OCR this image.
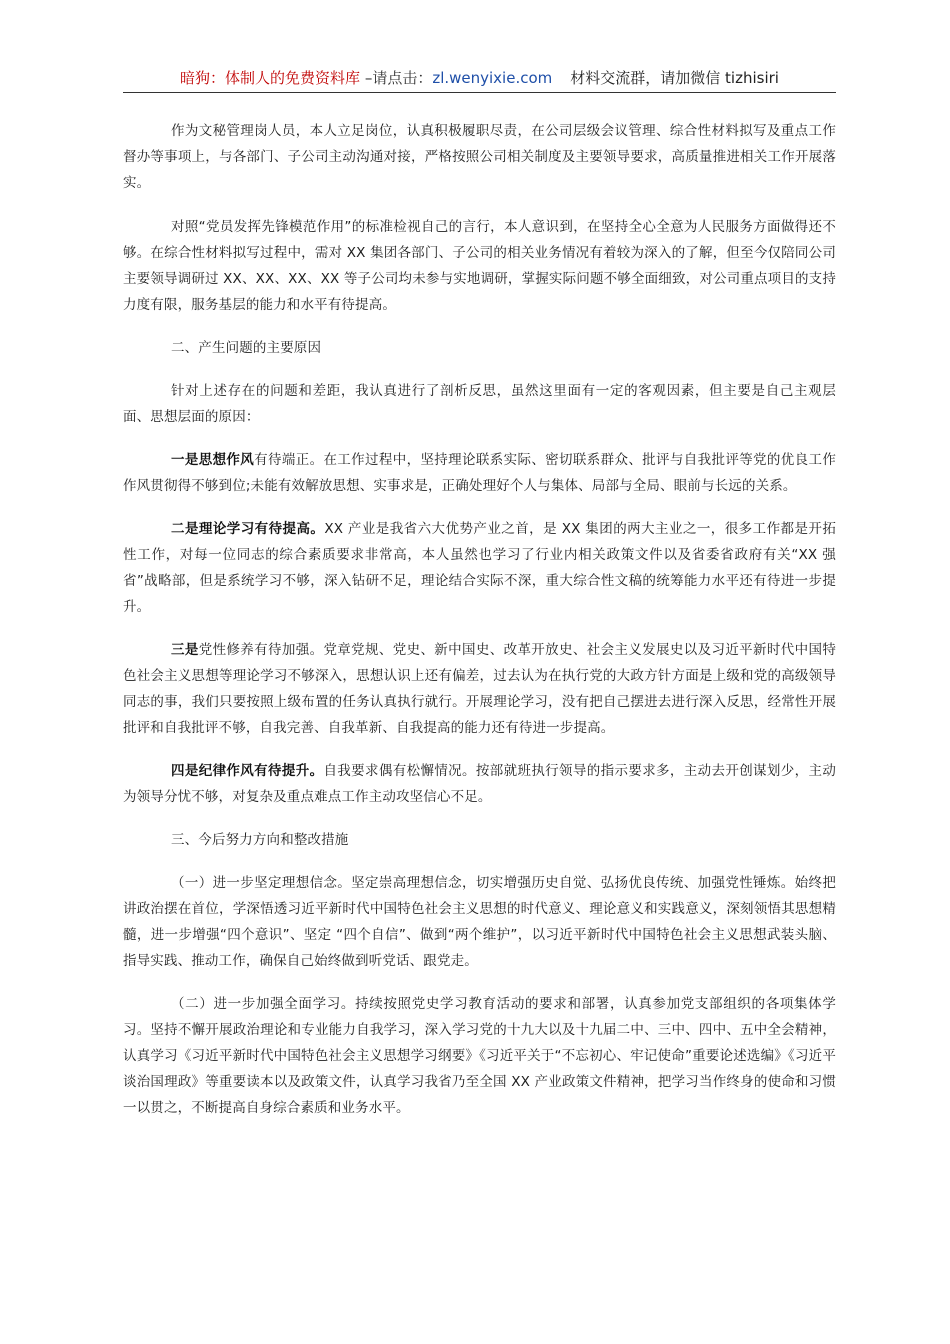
暗狗：体制人的免费资料库 –请点击：zl.wenyixie.com 材料交流群，请加微信 tizhisiri

作为文秘管理岗人员，本人立足岗位，认真积极履职尽责，在公司层级会议管理、综合性材料拟写及重点工作督办等事项上，与各部门、子公司主动沟通对接，严格按照公司相关制度及主要领导要求，高质量推进相关工作开展落实。

对照“党员发挥先锋模范作用”的标准检视自己的言行，本人意识到，在坚持全心全意为人民服务方面做得还不够。在综合性材料拟写过程中，需对 XX 集团各部门、子公司的相关业务情况有着较为深入的了解，但至今仅陪同公司主要领导调研过 XX、XX、XX、XX 等子公司均未参与实地调研，掌握实际问题不够全面细致，对公司重点项目的支持力度有限，服务基层的能力和水平有待提高。

二、产生问题的主要原因

针对上述存在的问题和差距，我认真进行了剖析反思，虽然这里面有一定的客观因素，但主要是自己主观层面、思想层面的原因：

一是思想作风有待端正。在工作过程中，坚持理论联系实际、密切联系群众、批评与自我批评等党的优良工作作风贯彻得不够到位;未能有效解放思想、实事求是，正确处理好个人与集体、局部与全局、眼前与长远的关系。

二是理论学习有待提高。XX 产业是我省六大优势产业之首，是 XX 集团的两大主业之一，很多工作都是开拓性工作，对每一位同志的综合素质要求非常高，本人虽然也学习了行业内相关政策文件以及省委省政府有关“XX 强省”战略部，但是系统学习不够，深入钻研不足，理论结合实际不深，重大综合性文稿的统筹能力水平还有待进一步提升。

三是党性修养有待加强。党章党规、党史、新中国史、改革开放史、社会主义发展史以及习近平新时代中国特色社会主义思想等理论学习不够深入，思想认识上还有偏差，过去认为在执行党的大政方针方面是上级和党的高级领导同志的事，我们只要按照上级布置的任务认真执行就行。开展理论学习，没有把自己摆进去进行深入反思，经常性开展批评和自我批评不够，自我完善、自我革新、自我提高的能力还有待进一步提高。

四是纪律作风有待提升。自我要求偶有松懈情况。按部就班执行领导的指示要求多，主动去开创谋划少，主动为领导分忧不够，对复杂及重点难点工作主动攻坚信心不足。

三、今后努力方向和整改措施

（一）进一步坚定理想信念。坚定崇高理想信念，切实增强历史自觉、弘扬优良传统、加强党性锤炼。始终把讲政治摆在首位，学深悟透习近平新时代中国特色社会主义思想的时代意义、理论意义和实践意义，深刻领悟其思想精髓，进一步增强“四个意识”、坚定 “四个自信”、做到“两个维护”，以习近平新时代中国特色社会主义思想武装头脑、指导实践、推动工作，确保自己始终做到听党话、跟党走。

（二）进一步加强全面学习。持续按照党史学习教育活动的要求和部署，认真参加党支部组织的各项集体学习。坚持不懈开展政治理论和专业能力自我学习，深入学习党的十九大以及十九届二中、三中、四中、五中全会精神，认真学习《习近平新时代中国特色社会主义思想学习纲要》《习近平关于“不忘初心、牢记使命”重要论述选编》《习近平谈治国理政》等重要读本以及政策文件，认真学习我省乃至全国 XX 产业政策文件精神，把学习当作终身的使命和习惯一以贯之，不断提高自身综合素质和业务水平。
